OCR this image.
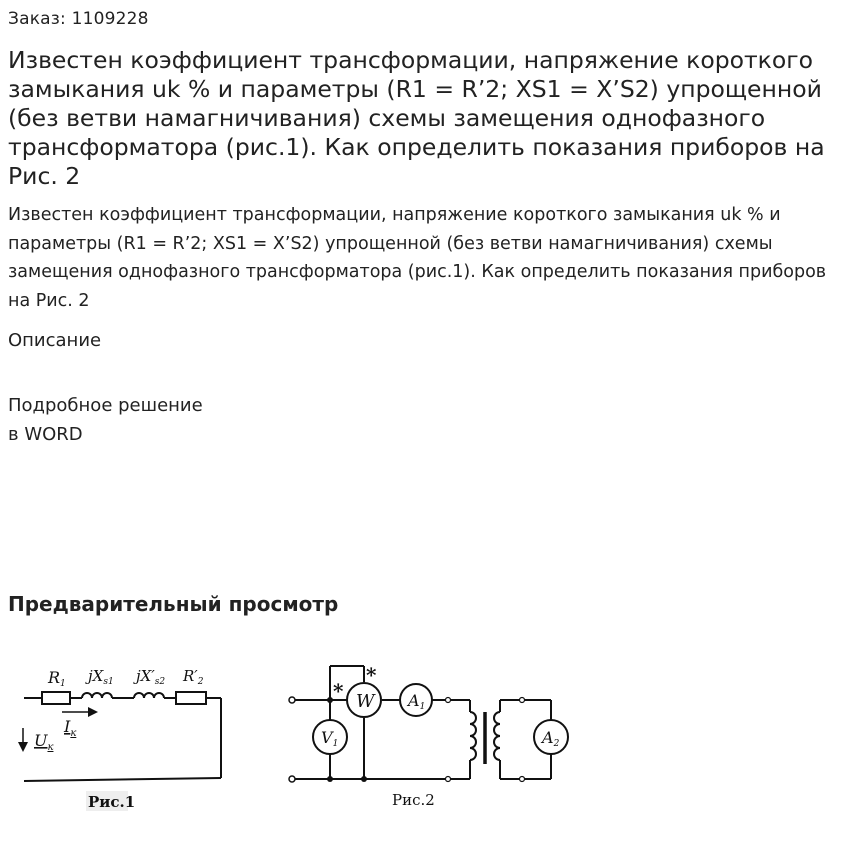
Заказ: 1109228
Известен коэффициент трансформации, напряжение короткого замыкания uk % и параметры (R1 = R’2; XS1 = X’S2) упрощенной (без ветви намагничивания) схемы замещения однофазного трансформатора (рис.1). Как определить показания приборов на Рис. 2

Известен коэффициент трансформации, напряжение короткого замыкания uk % и параметры (R1 = R’2; XS1 = X’S2) упрощенной (без ветви намагничивания) схемы замещения однофазного трансформатора (рис.1). Как определить показания приборов на Рис. 2

Описание
Подробное решение
в WORD
Предварительный просмотр
R1 $jX_{s1}$ $jX'_{s2}$ $R'_2$
$I_к$
$U_к$
Рис.1
W A1
V1	A2
*
*
Рис.2
